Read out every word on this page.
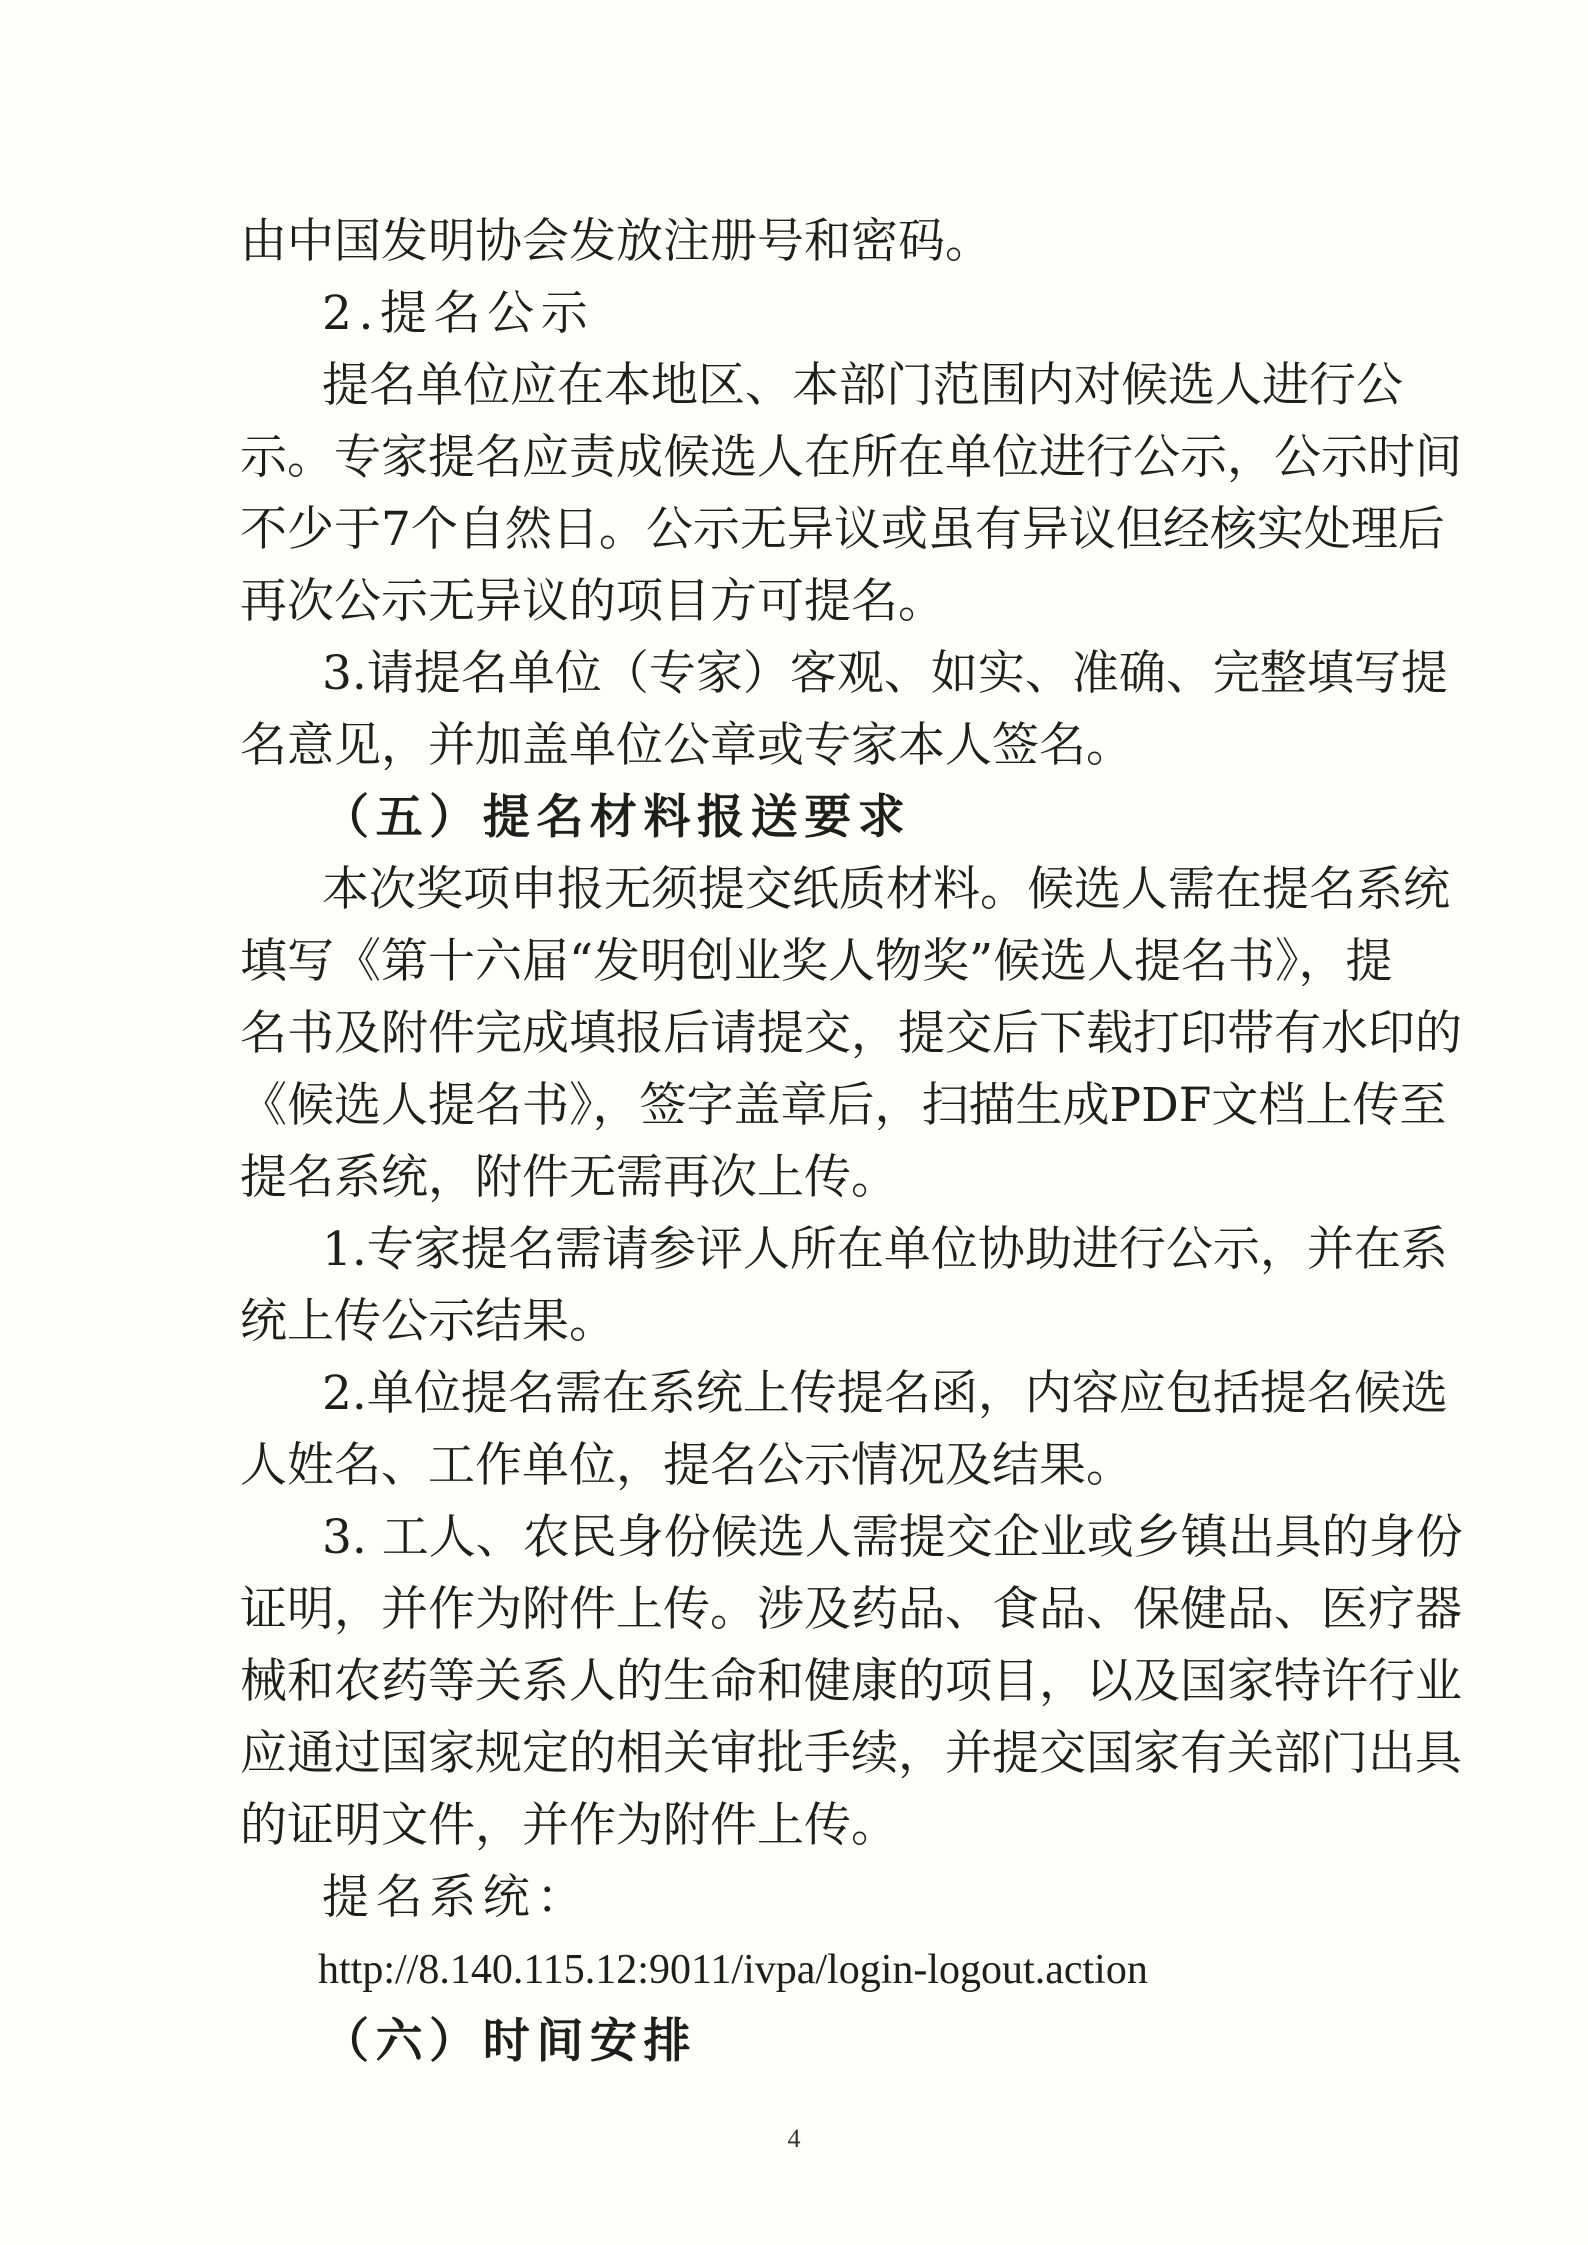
由中国发明协会发放注册号和密码。
2.提名公示
提名单位应在本地区、本部门范围内对候选人进行公
示。专家提名应责成候选人在所在单位进行公示，公示时间
不少于7个自然日。公示无异议或虽有异议但经核实处理后
再次公示无异议的项目方可提名。
3.请提名单位（专家）客观、如实、准确、完整填写提
名意见，并加盖单位公章或专家本人签名。
（五）提名材料报送要求
本次奖项申报无须提交纸质材料。候选人需在提名系统
填写《第十六届“发明创业奖人物奖”候选人提名书》，提
名书及附件完成填报后请提交，提交后下载打印带有水印的
《候选人提名书》，签字盖章后，扫描生成PDF文档上传至
提名系统，附件无需再次上传。
1.专家提名需请参评人所在单位协助进行公示，并在系
统上传公示结果。
2.单位提名需在系统上传提名函，内容应包括提名候选
人姓名、工作单位，提名公示情况及结果。
3. 工人、农民身份候选人需提交企业或乡镇出具的身份
证明，并作为附件上传。涉及药品、食品、保健品、医疗器
械和农药等关系人的生命和健康的项目，以及国家特许行业
应通过国家规定的相关审批手续，并提交国家有关部门出具
的证明文件，并作为附件上传。
提名系统：
http://8.140.115.12:9011/ivpa/login-logout.action
4
（六）时间安排
